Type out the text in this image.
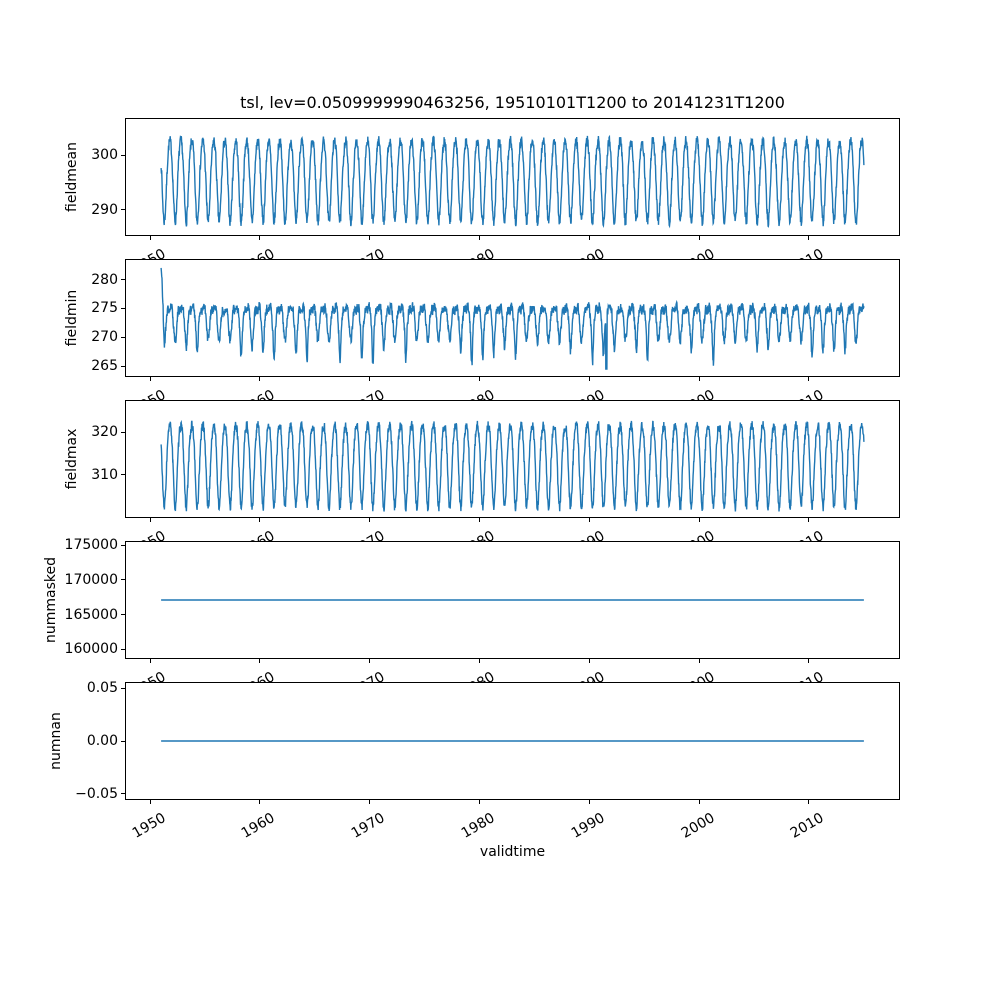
tsl, lev=0.0509999990463256, 19510101T1200 to 20141231T1200
validtime
290
300
fieldmean
265
270
275
280
fieldmin
310
320
fieldmax
160000
165000
170000
175000
nummasked
−0.05
0.00
0.05
1950	1960	1970	1980	1990	2000	2010
numnan
